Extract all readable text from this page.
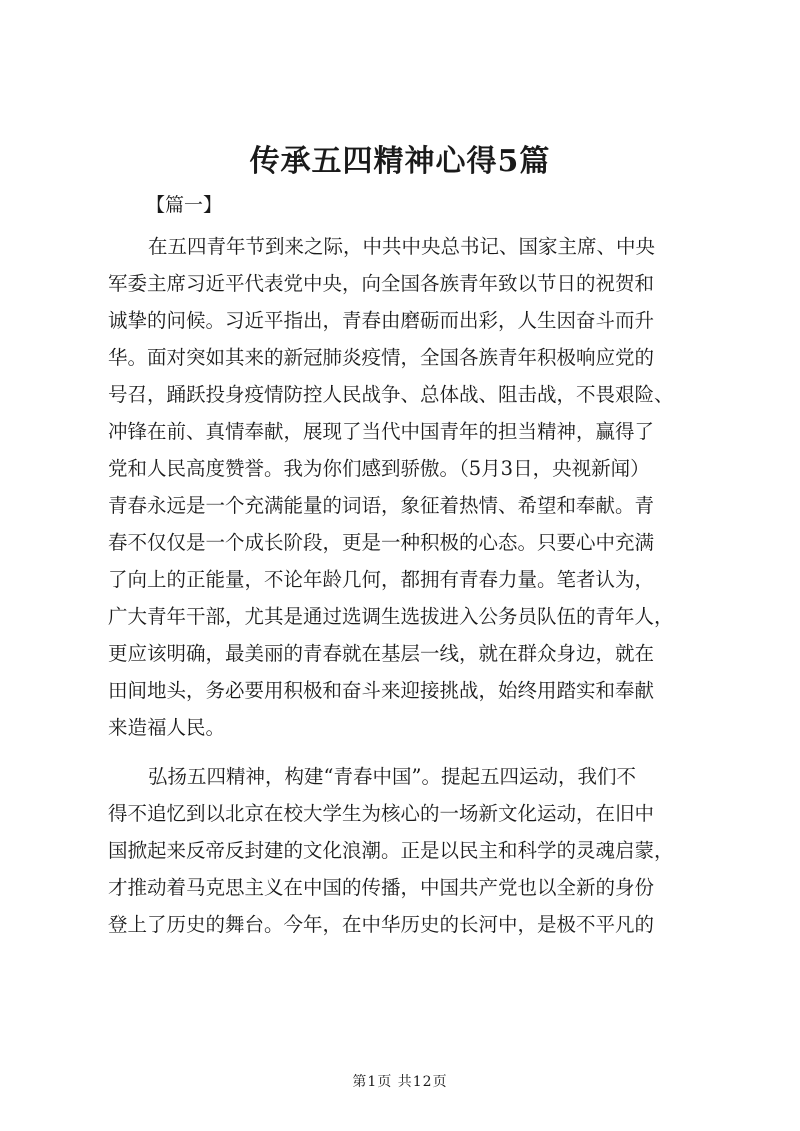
传承五四精神心得5篇
【篇一】
在五四青年节到来之际，中共中央总书记、国家主席、中央
军委主席习近平代表党中央，向全国各族青年致以节日的祝贺和
诚挚的问候。习近平指出，青春由磨砺而出彩，人生因奋斗而升
华。面对突如其来的新冠肺炎疫情，全国各族青年积极响应党的
号召，踊跃投身疫情防控人民战争、总体战、阻击战，不畏艰险、
冲锋在前、真情奉献，展现了当代中国青年的担当精神，赢得了
党和人民高度赞誉。我为你们感到骄傲。（5月3日，央视新闻）
青春永远是一个充满能量的词语，象征着热情、希望和奉献。青
春不仅仅是一个成长阶段，更是一种积极的心态。只要心中充满
了向上的正能量，不论年龄几何，都拥有青春力量。笔者认为，
广大青年干部，尤其是通过选调生选拔进入公务员队伍的青年人，
更应该明确，最美丽的青春就在基层一线，就在群众身边，就在
田间地头，务必要用积极和奋斗来迎接挑战，始终用踏实和奉献
来造福人民。
弘扬五四精神，构建“青春中国”。提起五四运动，我们不
得不追忆到以北京在校大学生为核心的一场新文化运动，在旧中
国掀起来反帝反封建的文化浪潮。正是以民主和科学的灵魂启蒙，
才推动着马克思主义在中国的传播，中国共产党也以全新的身份
登上了历史的舞台。今年，在中华历史的长河中，是极不平凡的
第1页 共12页
